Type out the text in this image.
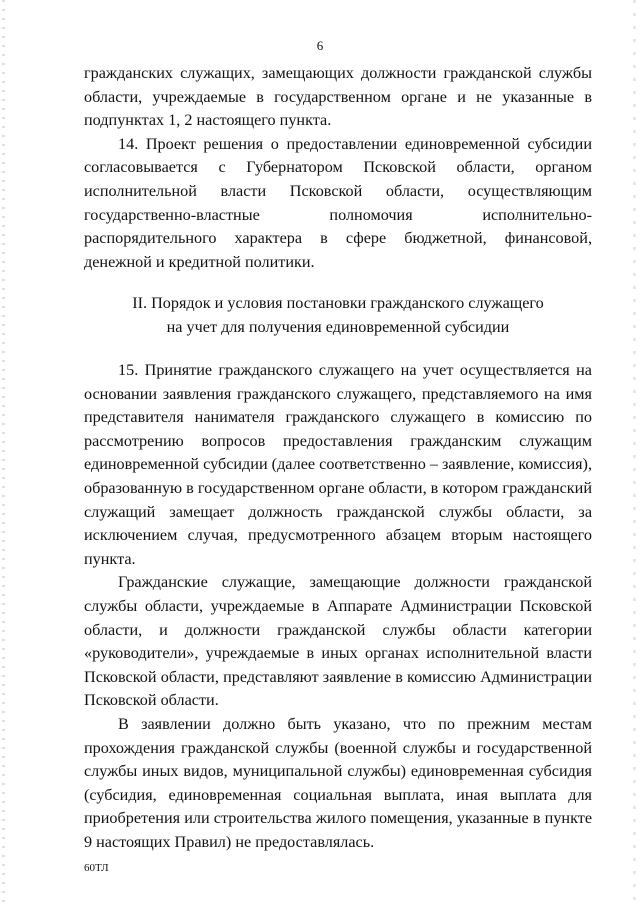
6

гражданских служащих, замещающих должности гражданской службы области, учреждаемые в государственном органе и не указанные в подпунктах 1, 2 настоящего пункта.

14. Проект решения о предоставлении единовременной субсидии согласовывается с Губернатором Псковской области, органом исполнительной власти Псковской области, осуществляющим государственно-властные полномочия исполнительно-распорядительного характера в сфере бюджетной, финансовой, денежной и кредитной политики.

II. Порядок и условия постановки гражданского служащего
на учет для получения единовременной субсидии

15. Принятие гражданского служащего на учет осуществляется на основании заявления гражданского служащего, представляемого на имя представителя нанимателя гражданского служащего в комиссию по рассмотрению вопросов предоставления гражданским служащим единовременной субсидии (далее соответственно – заявление, комиссия), образованную в государственном органе области, в котором гражданский служащий замещает должность гражданской службы области, за исключением случая, предусмотренного абзацем вторым настоящего пункта.

Гражданские служащие, замещающие должности гражданской службы области, учреждаемые в Аппарате Администрации Псковской области, и должности гражданской службы области категории «руководители», учреждаемые в иных органах исполнительной власти Псковской области, представляют заявление в комиссию Администрации Псковской области.

В заявлении должно быть указано, что по прежним местам прохождения гражданской службы (военной службы и государственной службы иных видов, муниципальной службы) единовременная субсидия (субсидия, единовременная социальная выплата, иная выплата для приобретения или строительства жилого помещения, указанные в пункте 9 настоящих Правил) не предоставлялась.

60ТЛ
